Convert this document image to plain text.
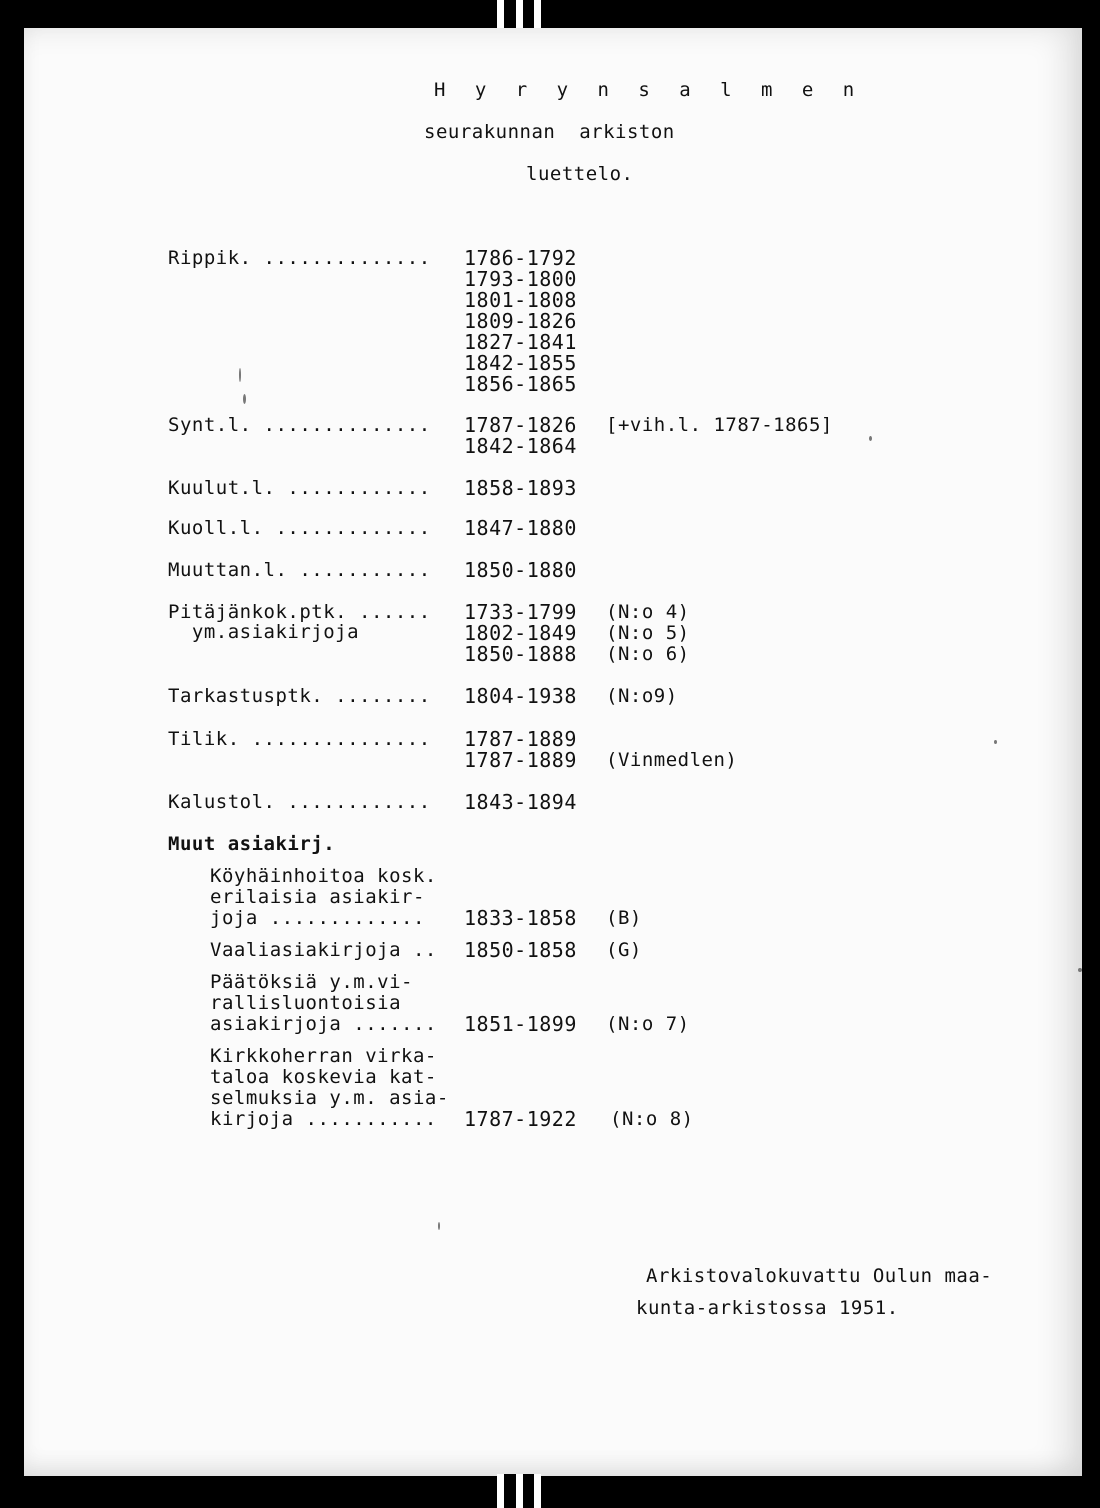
H y r y n s a l m e n
seurakunnan  arkiston
luettelo.
Rippik. .............. 1786-1792
1793-1800
1801-1808
1809-1826
1827-1841
1842-1855
1856-1865
Synt.l. .............. 1787-1826
1842-1864
[+vih.l. 1787-1865]
Kuulut.l. ............ 1858-1893
Kuoll.l. ............. 1847-1880
Muuttan.l. ........... 1850-1880
Pitäjänkok.ptk. ......
ym.asiakirjoja
1733-1799
1802-1849
1850-1888
(N:o 4)
(N:o 5)
(N:o 6)
Tarkastusptk. ........ 1804-1938 (N:o9)
Tilik. ............... 1787-1889
1787-1889 (Vinmedlen)
Kalustol. ............ 1843-1894
Muut asiakirj.
Köyhäinhoitoa kosk.
erilaisia asiakir-
joja ............. 1833-1858 (B)
Vaaliasiakirjoja .. 1850-1858 (G)
Päätöksiä y.m.vi-
rallisluontoisia
asiakirjoja ....... 1851-1899 (N:o 7)
Kirkkoherran virka-
taloa koskevia kat-
selmuksia y.m. asia-
kirjoja ........... 1787-1922 (N:o 8)
Arkistovalokuvattu Oulun maa-
kunta-arkistossa 1951.
